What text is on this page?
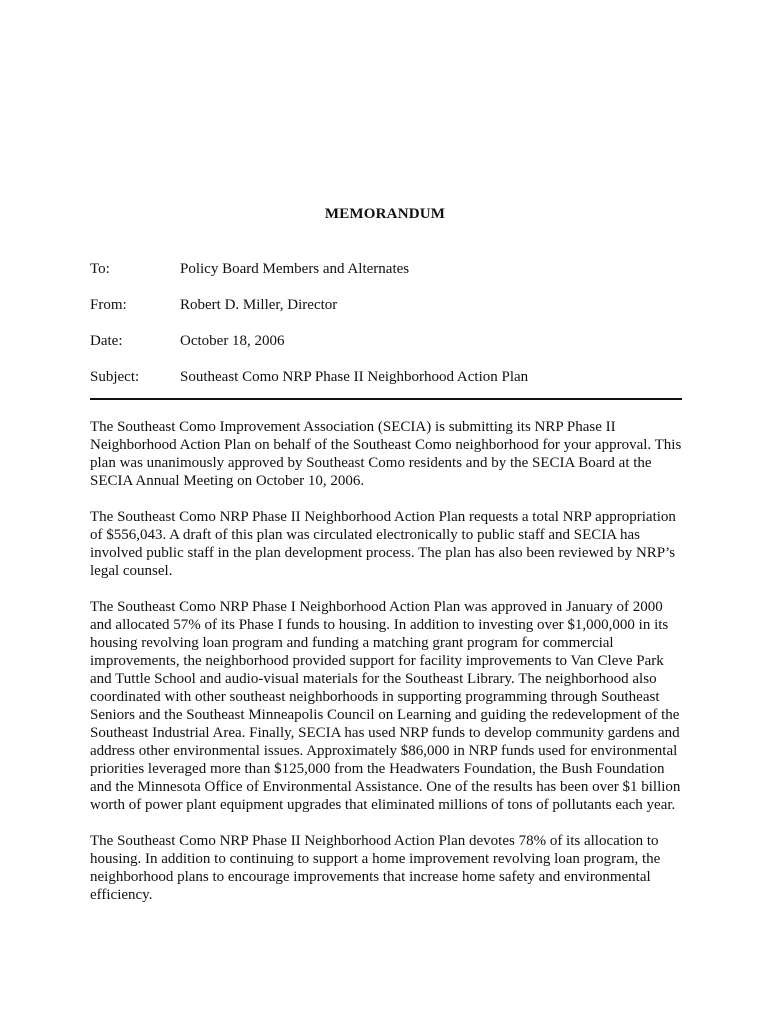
MEMORANDUM
To:	Policy Board Members and Alternates
From:	Robert D. Miller, Director
Date:	October 18, 2006
Subject:	Southeast Como NRP Phase II Neighborhood Action Plan

The Southeast Como Improvement Association (SECIA) is submitting its NRP Phase II Neighborhood Action Plan on behalf of the Southeast Como neighborhood for your approval. This plan was unanimously approved by Southeast Como residents and by the SECIA Board at the SECIA Annual Meeting on October 10, 2006.

The Southeast Como NRP Phase II Neighborhood Action Plan requests a total NRP appropriation of $556,043. A draft of this plan was circulated electronically to public staff and SECIA has involved public staff in the plan development process. The plan has also been reviewed by NRP’s legal counsel.

The Southeast Como NRP Phase I Neighborhood Action Plan was approved in January of 2000 and allocated 57% of its Phase I funds to housing. In addition to investing over $1,000,000 in its housing revolving loan program and funding a matching grant program for commercial improvements, the neighborhood provided support for facility improvements to Van Cleve Park and Tuttle School and audio-visual materials for the Southeast Library. The neighborhood also coordinated with other southeast neighborhoods in supporting programming through Southeast Seniors and the Southeast Minneapolis Council on Learning and guiding the redevelopment of the Southeast Industrial Area. Finally, SECIA has used NRP funds to develop community gardens and address other environmental issues. Approximately $86,000 in NRP funds used for environmental priorities leveraged more than $125,000 from the Headwaters Foundation, the Bush Foundation and the Minnesota Office of Environmental Assistance. One of the results has been over $1 billion worth of power plant equipment upgrades that eliminated millions of tons of pollutants each year.

The Southeast Como NRP Phase II Neighborhood Action Plan devotes 78% of its allocation to housing. In addition to continuing to support a home improvement revolving loan program, the neighborhood plans to encourage improvements that increase home safety and environmental efficiency.
